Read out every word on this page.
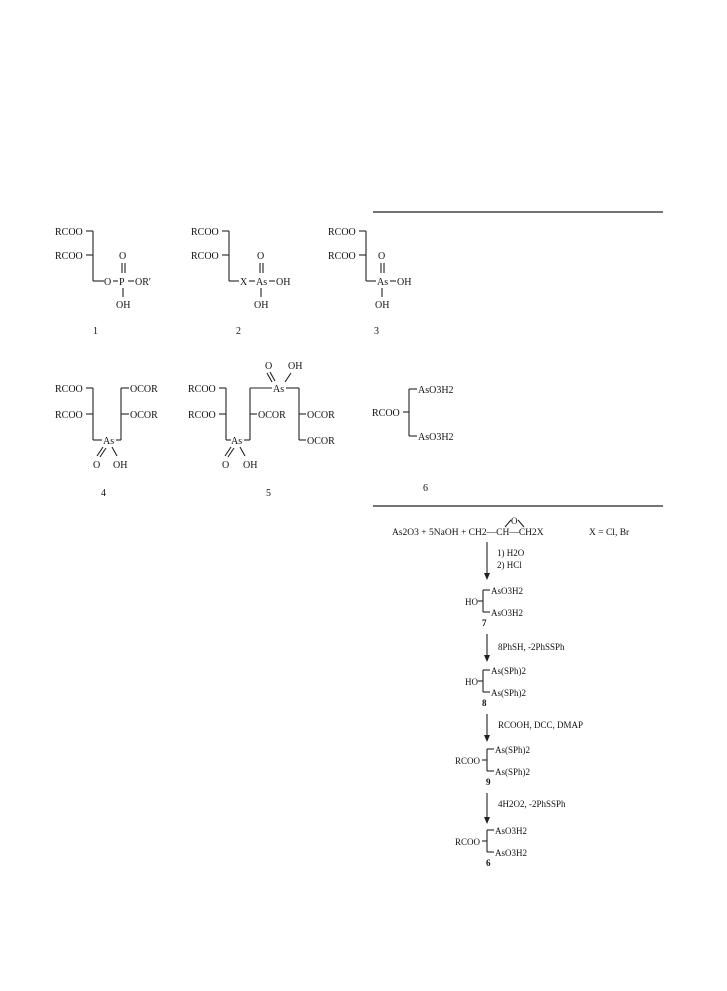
RCOO
RCOO
O P OR'
O
OH
1
RCOO
RCOO
X As OH
O
OH
2
RCOO
RCOO
As OH
O
OH
3
RCOO
RCOO
As
OCOR
OCOR
O OH
4
O OH
As
OCOR
OCOR
OCOR
As
RCOO
RCOO
O OH
5
AsO3H2
RCOO
AsO3H2
6
As2O3 + 5NaOH + CH2—CH—CH2X
O
X = Cl, Br
1) H2O
2) HCl
AsO3H2
HO
AsO3H2
7
8PhSH, -2PhSSPh
As(SPh)2
HO
As(SPh)2
8
RCOOH, DCC, DMAP
As(SPh)2
RCOO
As(SPh)2
9
4H2O2, -2PhSSPh
AsO3H2
RCOO
AsO3H2
6
